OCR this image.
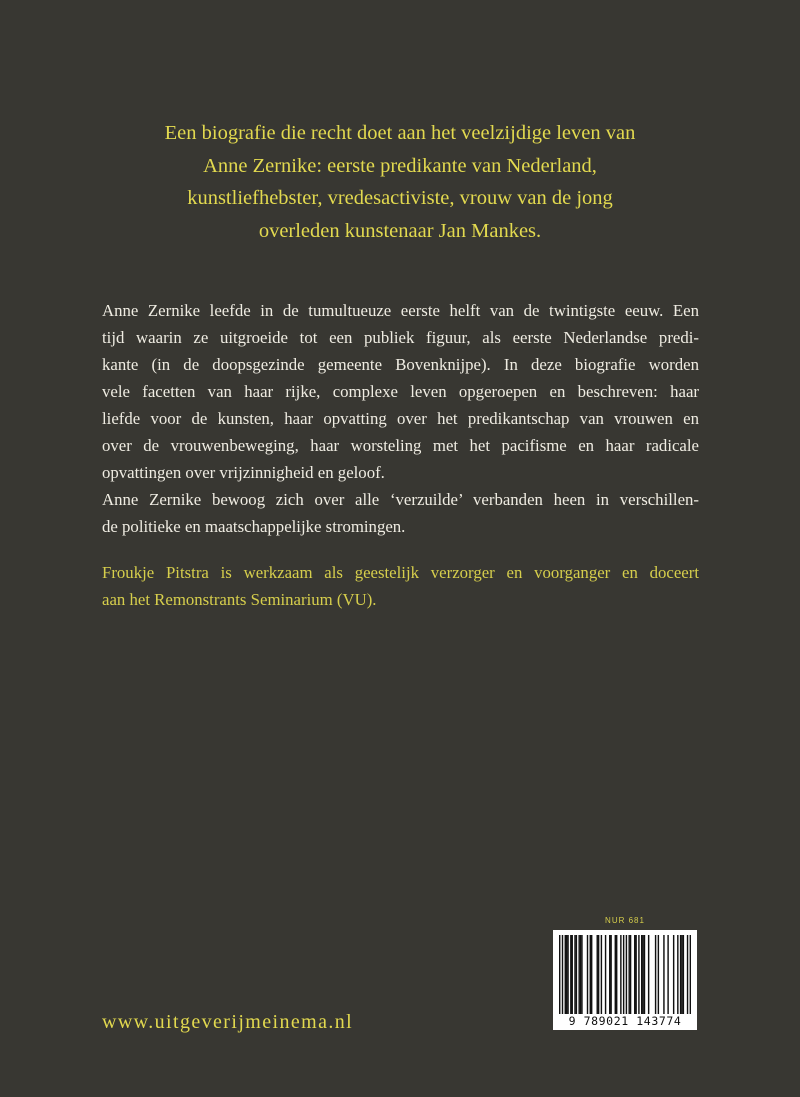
Een biografie die recht doet aan het veelzijdige leven van
Anne Zernike: eerste predikante van Nederland,
kunstliefhebster, vredesactiviste, vrouw van de jong
overleden kunstenaar Jan Mankes.
Anne Zernike leefde in de tumultueuze eerste helft van de twintigste eeuw. Een
tijd waarin ze uitgroeide tot een publiek figuur, als eerste Nederlandse predi-
kante (in de doopsgezinde gemeente Bovenknijpe). In deze biografie worden
vele facetten van haar rijke, complexe leven opgeroepen en beschreven: haar
liefde voor de kunsten, haar opvatting over het predikantschap van vrouwen en
over de vrouwenbeweging, haar worsteling met het pacifisme en haar radicale
opvattingen over vrijzinnigheid en geloof.
Anne Zernike bewoog zich over alle ‘verzuilde’ verbanden heen in verschillen-
de politieke en maatschappelijke stromingen.
Froukje Pitstra is werkzaam als geestelijk verzorger en voorganger en doceert
aan het Remonstrants Seminarium (VU).
NUR 681
9 789021 143774
www.uitgeverijmeinema.nl
